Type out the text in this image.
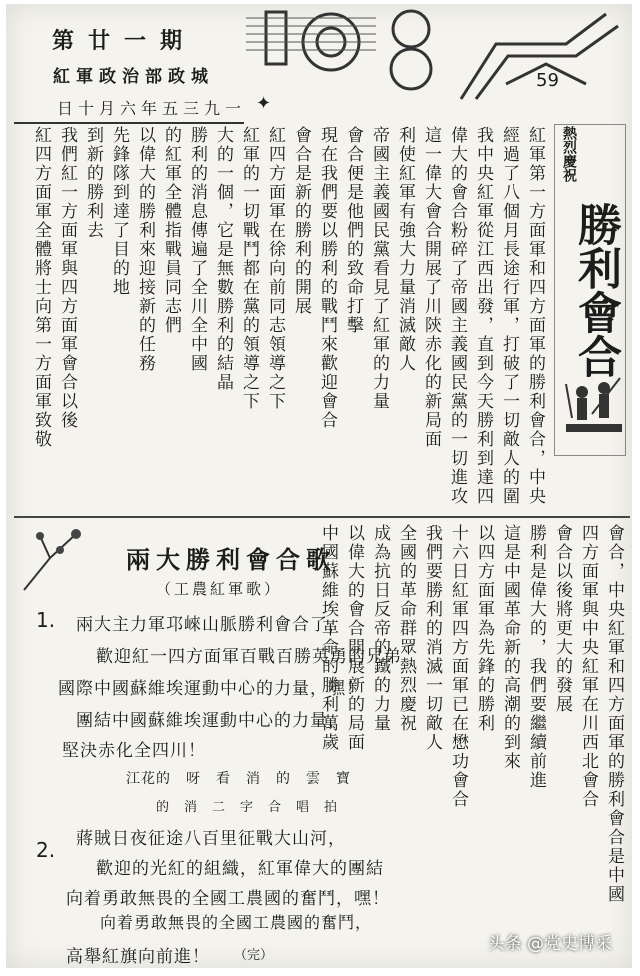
期一廿第
城政部治政軍紅
一九三五年六月十日 ✦
59
勝利會合
熱烈慶祝
紅軍第一方面軍和四方面軍的勝利會合，中央
經過了八個月長途行軍，打破了一切敵人的圍
我中央紅軍從江西出發，直到今天勝利到達四
偉大的會合粉碎了帝國主義國民黨的一切進攻
這一偉大會合開展了川陝赤化的新局面
利使紅軍有強大力量消滅敵人
帝國主義國民黨看見了紅軍的力量
會合便是他們的致命打擊
現在我們要以勝利的戰鬥來歡迎會合
會合是新的勝利的開展
紅四方面軍在徐向前同志領導之下
紅軍的一切戰鬥都在黨的領導之下
大的一個，它是無數勝利的結晶
勝利的消息傳遍了全川全中國
的紅軍全體指戰員同志們
以偉大的勝利來迎接新的任務
先鋒隊到達了目的地
到新的勝利去
我們紅一方面軍與四方面軍會合以後
紅四方面軍全體將士向第一方面軍致敬
會合，中央紅軍和四方面軍的勝利會合是中國
四方面軍與中央紅軍在川西北會合
會合以後將更大的發展
勝利是偉大的，我們要繼續前進
這是中國革命新的高潮的到來
以四方面軍為先鋒的勝利
十六日紅軍四方面軍已在懋功會合
我們要勝利的消滅一切敵人
全國的革命群眾熱烈慶祝
成為抗日反帝的鐵的力量
以偉大的會合開展新的局面
中國蘇維埃革命的勝利萬歲
歌合會利勝大兩
（工農紅軍歌）
1. 兩大主力軍邛崍山脈勝利會合了，
歡迎紅一四方面軍百戰百勝英勇的兄弟
國際中國蘇維埃運動中心的力量，嘿！
團結中國蘇維埃運動中心的力量，
堅決赤化全四川！
江花的　呀　看　消　的　雲　寶
的　消　二　字　合　唱　拍
2. 蔣賊日夜征途八百里征戰大山河，
歡迎的光紅的組織，紅軍偉大的團結
向着勇敢無畏的全國工農國的奮鬥，嘿！
向着勇敢無畏的全國工農國的奮鬥，
高舉紅旗向前進！ （完）
头条 @党史博采
